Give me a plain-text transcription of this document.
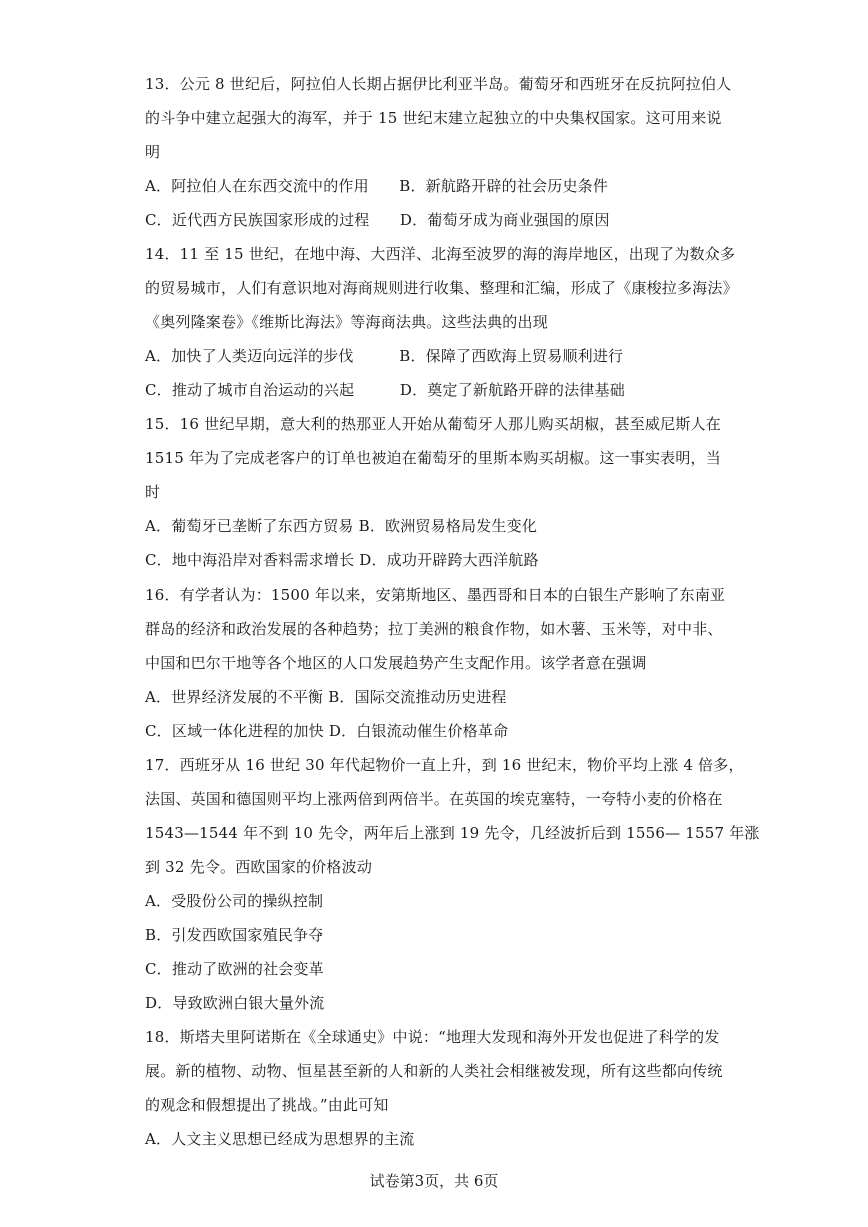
13．公元 8 世纪后，阿拉伯人长期占据伊比利亚半岛。葡萄牙和西班牙在反抗阿拉伯人
的斗争中建立起强大的海军，并于 15 世纪末建立起独立的中央集权国家。这可用来说
明
A．阿拉伯人在东西交流中的作用　　B．新航路开辟的社会历史条件
C．近代西方民族国家形成的过程　　D．葡萄牙成为商业强国的原因
14．11 至 15 世纪，在地中海、大西洋、北海至波罗的海的海岸地区，出现了为数众多
的贸易城市，人们有意识地对海商规则进行收集、整理和汇编，形成了《康梭拉多海法》
《奥列隆案卷》《维斯比海法》等海商法典。这些法典的出现
A．加快了人类迈向远洋的步伐　　　B．保障了西欧海上贸易顺利进行
C．推动了城市自治运动的兴起　　　D．奠定了新航路开辟的法律基础
15．16 世纪早期，意大利的热那亚人开始从葡萄牙人那儿购买胡椒，甚至威尼斯人在
1515 年为了完成老客户的订单也被迫在葡萄牙的里斯本购买胡椒。这一事实表明，当
时
A．葡萄牙已垄断了东西方贸易 B．欧洲贸易格局发生变化
C．地中海沿岸对香料需求增长 D．成功开辟跨大西洋航路
16．有学者认为：1500 年以来，安第斯地区、墨西哥和日本的白银生产影响了东南亚
群岛的经济和政治发展的各种趋势；拉丁美洲的粮食作物，如木薯、玉米等，对中非、
中国和巴尔干地等各个地区的人口发展趋势产生支配作用。该学者意在强调
A．世界经济发展的不平衡 B．国际交流推动历史进程
C．区域一体化进程的加快 D．白银流动催生价格革命
17．西班牙从 16 世纪 30 年代起物价一直上升，到 16 世纪末，物价平均上涨 4 倍多，
法国、英国和德国则平均上涨两倍到两倍半。在英国的埃克塞特，一夸特小麦的价格在
1543—1544 年不到 10 先令，两年后上涨到 19 先令，几经波折后到 1556— 1557 年涨
到 32 先令。西欧国家的价格波动
A．受股份公司的操纵控制
B．引发西欧国家殖民争夺
C．推动了欧洲的社会变革
D．导致欧洲白银大量外流
18．斯塔夫里阿诺斯在《全球通史》中说：“地理大发现和海外开发也促进了科学的发
展。新的植物、动物、恒星甚至新的人和新的人类社会相继被发现，所有这些都向传统
的观念和假想提出了挑战。”由此可知
A．人文主义思想已经成为思想界的主流
试卷第3页，共 6页
